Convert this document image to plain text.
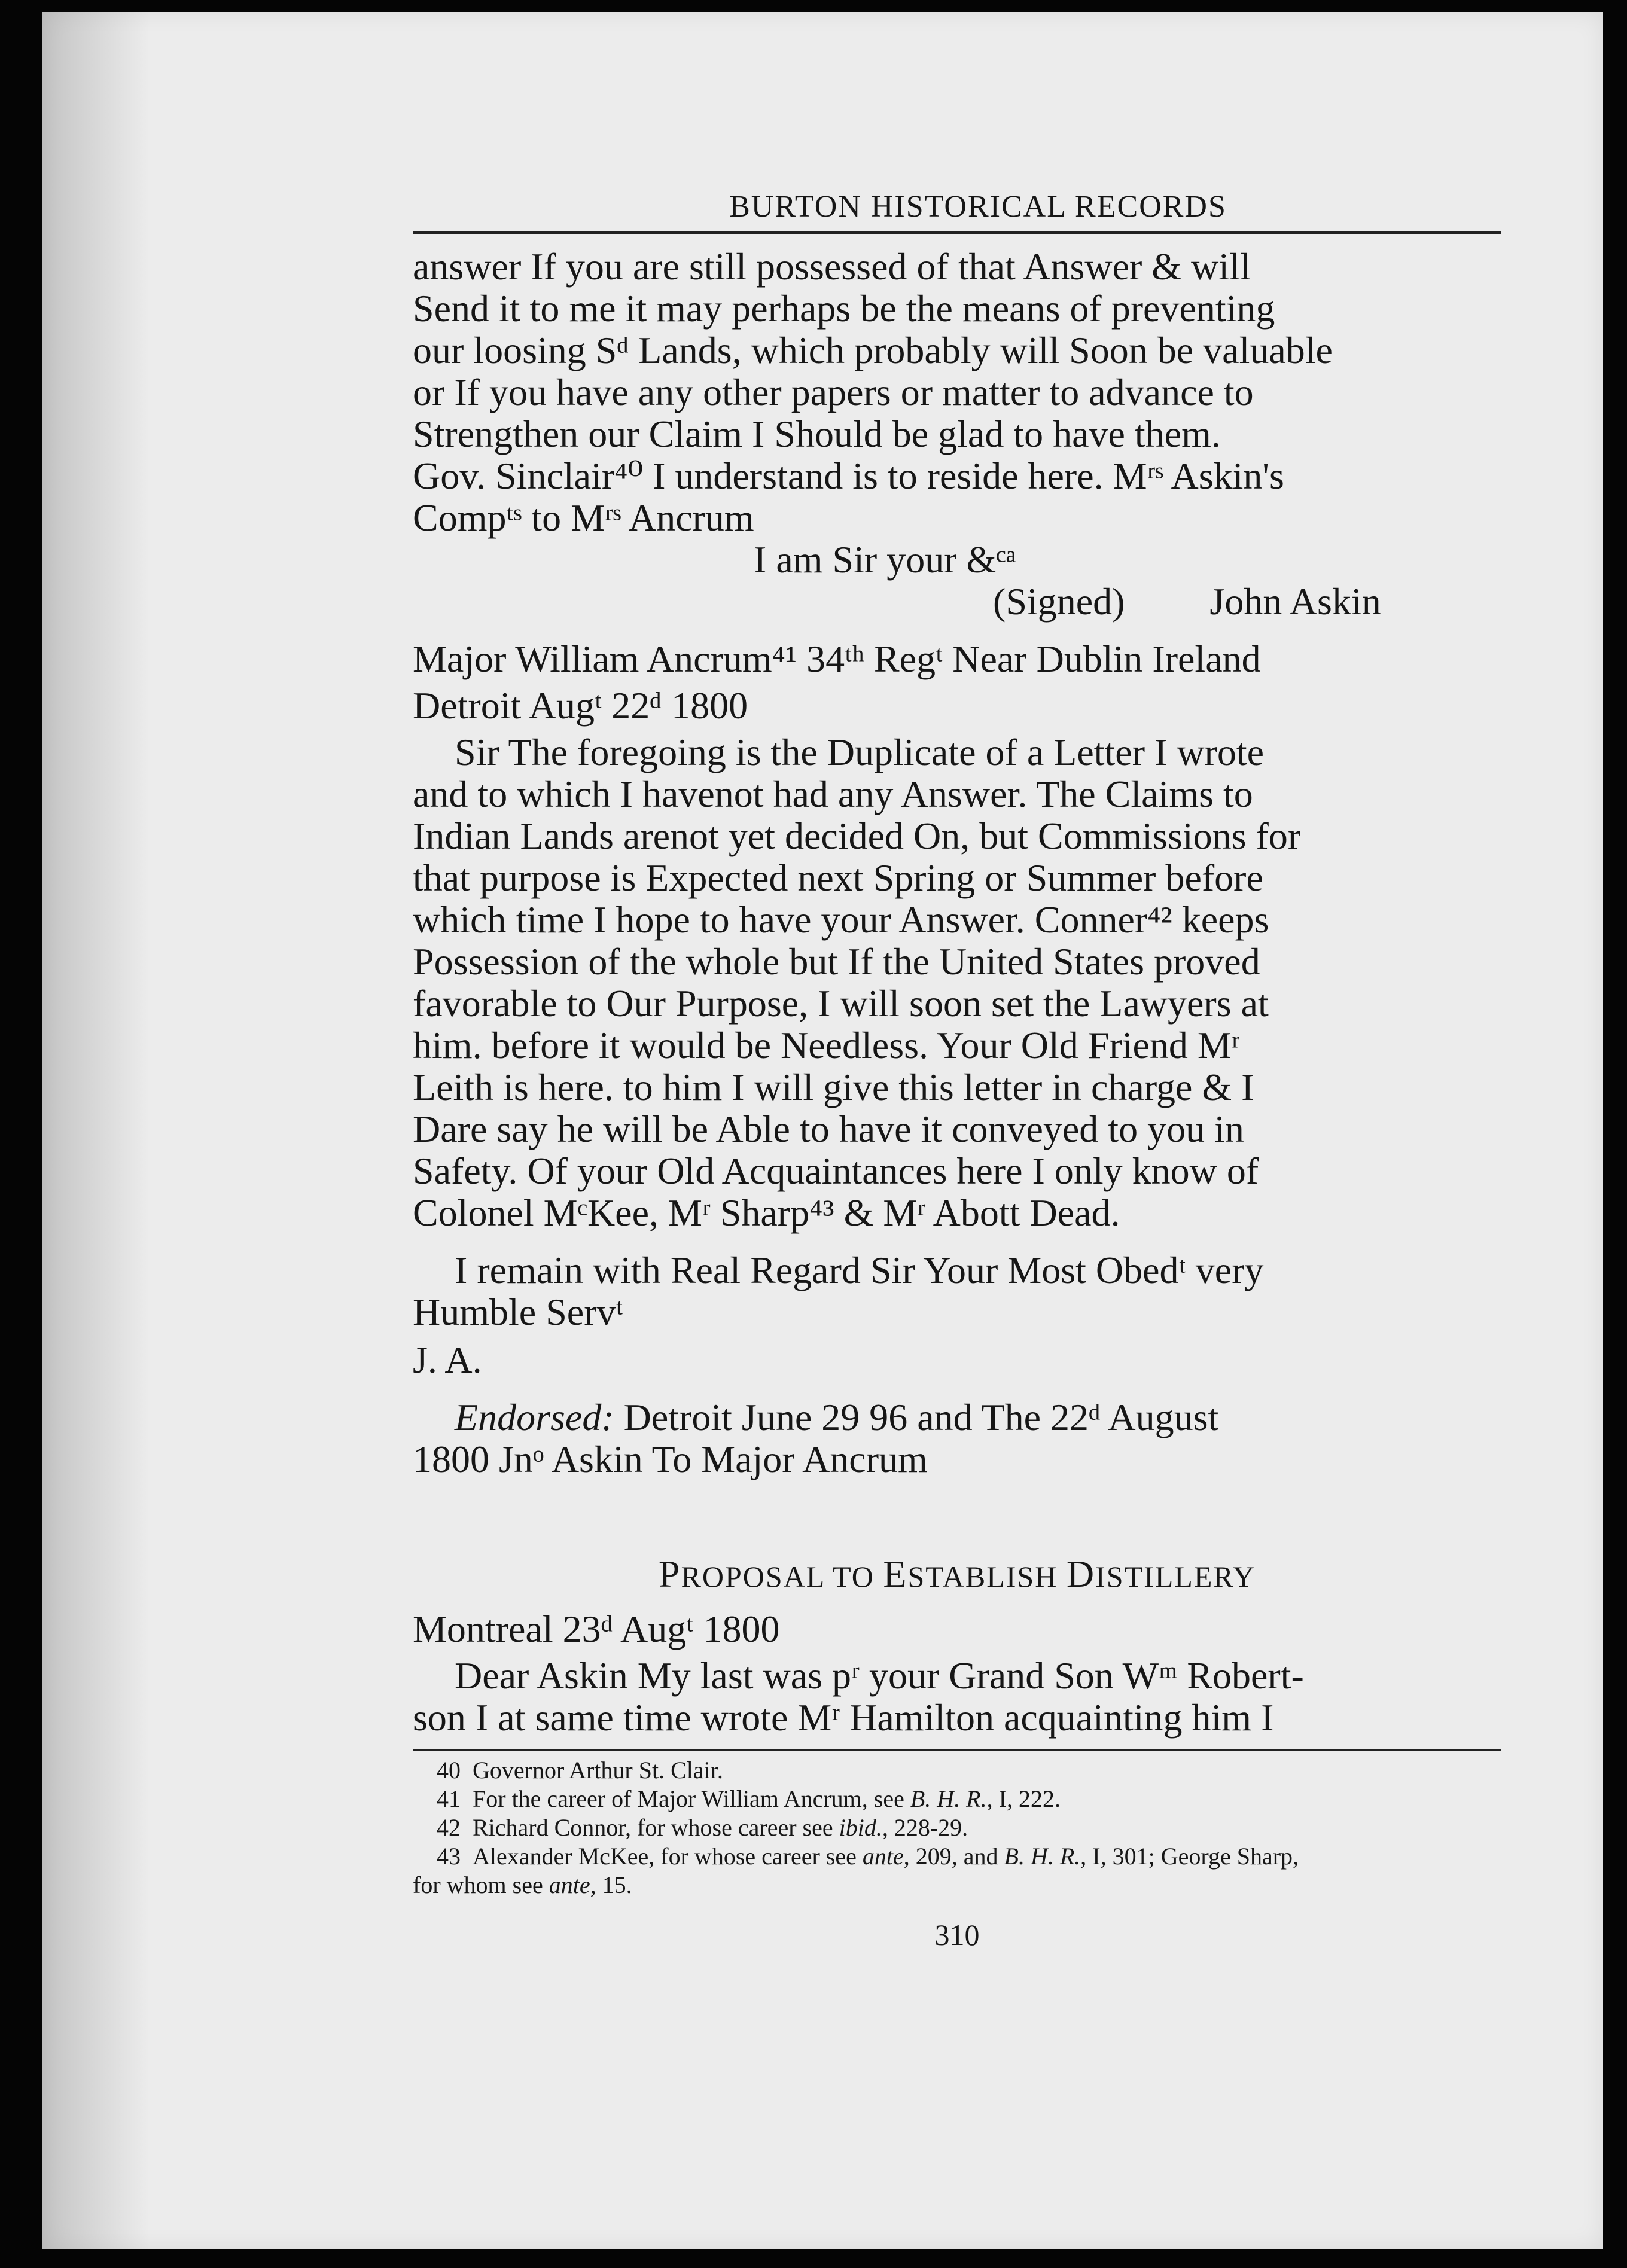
BURTON HISTORICAL RECORDS

answer If you are still possessed of that Answer & will

Send it to me it may perhaps be the means of preventing

our loosing Sᵈ Lands, which probably will Soon be valuable

or If you have any other papers or matter to advance to

Strengthen our Claim I Should be glad to have them.

Gov. Sinclair⁴⁰ I understand is to reside here. Mʳˢ Askin's

Compᵗˢ to Mʳˢ Ancrum

I am Sir your &ᶜᵃ

(Signed) John Askin

Major William Ancrum⁴¹ 34ᵗʰ Regᵗ Near Dublin Ireland

Detroit Augᵗ 22ᵈ 1800

Sir The foregoing is the Duplicate of a Letter I wrote

and to which I havenot had any Answer. The Claims to

Indian Lands arenot yet decided On, but Commissions for

that purpose is Expected next Spring or Summer before

which time I hope to have your Answer. Conner⁴² keeps

Possession of the whole but If the United States proved

favorable to Our Purpose, I will soon set the Lawyers at

him. before it would be Needless. Your Old Friend Mʳ

Leith is here. to him I will give this letter in charge & I

Dare say he will be Able to have it conveyed to you in

Safety. Of your Old Acquaintances here I only know of

Colonel MᶜKee, Mʳ Sharp⁴³ & Mʳ Abott Dead.

I remain with Real Regard Sir Your Most Obedᵗ very

Humble Servᵗ

J. A.

Endorsed: Detroit June 29 96 and The 22ᵈ August

1800 Jnᵒ Askin To Major Ancrum

PROPOSAL TO ESTABLISH DISTILLERY

Montreal 23ᵈ Augᵗ 1800

Dear Askin My last was pʳ your Grand Son Wᵐ Robert-

son I at same time wrote Mʳ Hamilton acquainting him I

40 Governor Arthur St. Clair.

41 For the career of Major William Ancrum, see B. H. R., I, 222.

42 Richard Connor, for whose career see ibid., 228-29.

43 Alexander McKee, for whose career see ante, 209, and B. H. R., I, 301; George Sharp,

for whom see ante, 15.

310
